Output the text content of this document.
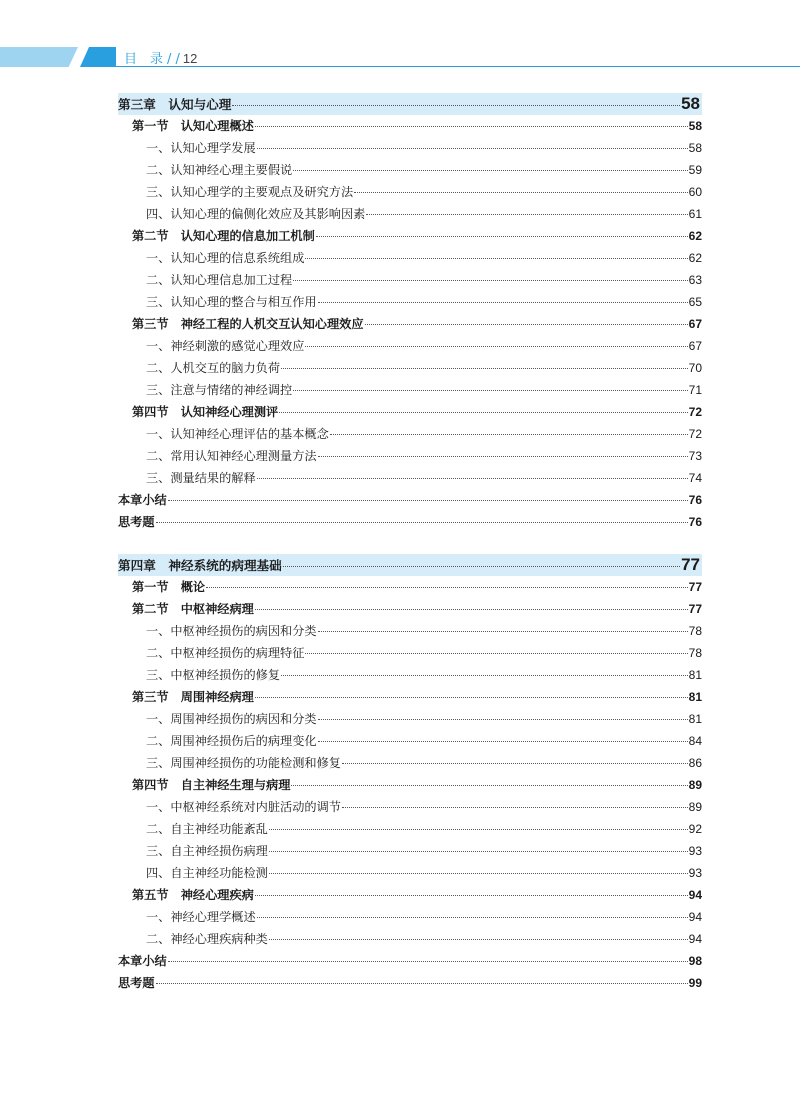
目　录 / / 12
第三章　认知与心理	58
第一节　认知心理概述	58
一、认知心理学发展	58
二、认知神经心理主要假说	59
三、认知心理学的主要观点及研究方法	60
四、认知心理的偏侧化效应及其影响因素	61
第二节　认知心理的信息加工机制	62
一、认知心理的信息系统组成	62
二、认知心理信息加工过程	63
三、认知心理的整合与相互作用	65
第三节　神经工程的人机交互认知心理效应	67
一、神经刺激的感觉心理效应	67
二、人机交互的脑力负荷	70
三、注意与情绪的神经调控	71
第四节　认知神经心理测评	72
一、认知神经心理评估的基本概念	72
二、常用认知神经心理测量方法	73
三、测量结果的解释	74
本章小结	76
思考题	76
第四章　神经系统的病理基础	77
第一节　概论	77
第二节　中枢神经病理	77
一、中枢神经损伤的病因和分类	78
二、中枢神经损伤的病理特征	78
三、中枢神经损伤的修复	81
第三节　周围神经病理	81
一、周围神经损伤的病因和分类	81
二、周围神经损伤后的病理变化	84
三、周围神经损伤的功能检测和修复	86
第四节　自主神经生理与病理	89
一、中枢神经系统对内脏活动的调节	89
二、自主神经功能紊乱	92
三、自主神经损伤病理	93
四、自主神经功能检测	93
第五节　神经心理疾病	94
一、神经心理学概述	94
二、神经心理疾病种类	94
本章小结	98
思考题	99
